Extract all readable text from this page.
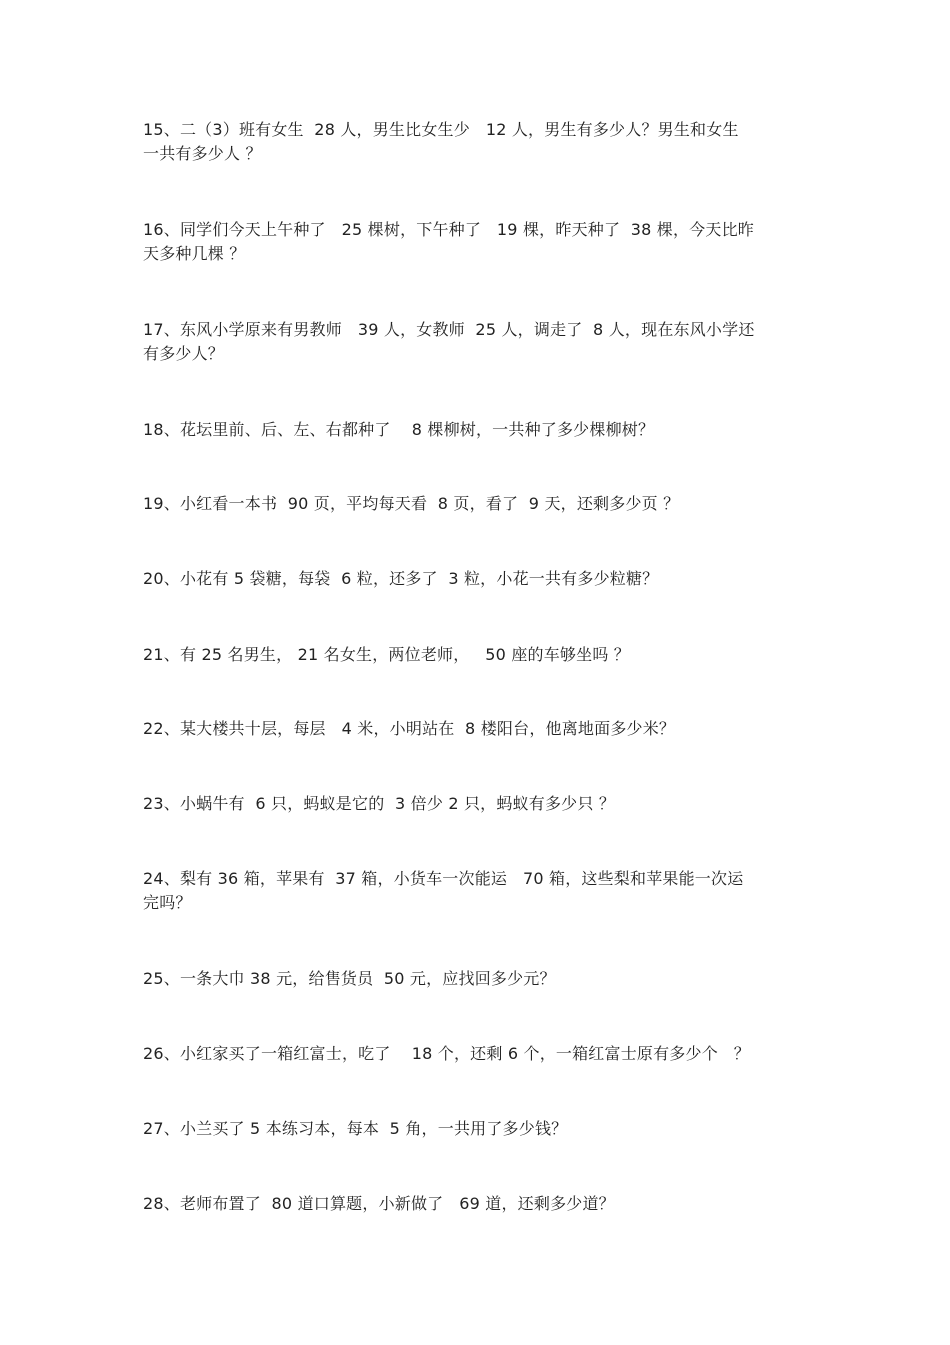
15、二（3）班有女生  28 人，男生比女生少   12 人，男生有多少人？男生和女生
一共有多少人 ？
16、同学们今天上午种了   25 棵树，下午种了   19 棵，昨天种了  38 棵，今天比昨
天多种几棵 ？
17、东风小学原来有男教师   39 人，女教师  25 人，调走了  8 人，现在东风小学还
有多少人？
18、花坛里前、后、左、右都种了    8 棵柳树，一共种了多少棵柳树？
19、小红看一本书  90 页，平均每天看  8 页，看了  9 天，还剩多少页 ？
20、小花有 5 袋糖，每袋  6 粒，还多了  3 粒，小花一共有多少粒糖？
21、有 25 名男生， 21 名女生，两位老师，   50 座的车够坐吗 ？
22、某大楼共十层，每层   4 米，小明站在  8 楼阳台，他离地面多少米？
23、小蜗牛有  6 只，蚂蚁是它的  3 倍少 2 只，蚂蚁有多少只 ？
24、梨有 36 箱，苹果有  37 箱，小货车一次能运   70 箱，这些梨和苹果能一次运
完吗？
25、一条大巾 38 元，给售货员  50 元，应找回多少元？
26、小红家买了一箱红富士，吃了    18 个，还剩 6 个，一箱红富士原有多少个   ？
27、小兰买了 5 本练习本，每本  5 角，一共用了多少钱？
28、老师布置了  80 道口算题，小新做了   69 道，还剩多少道？
